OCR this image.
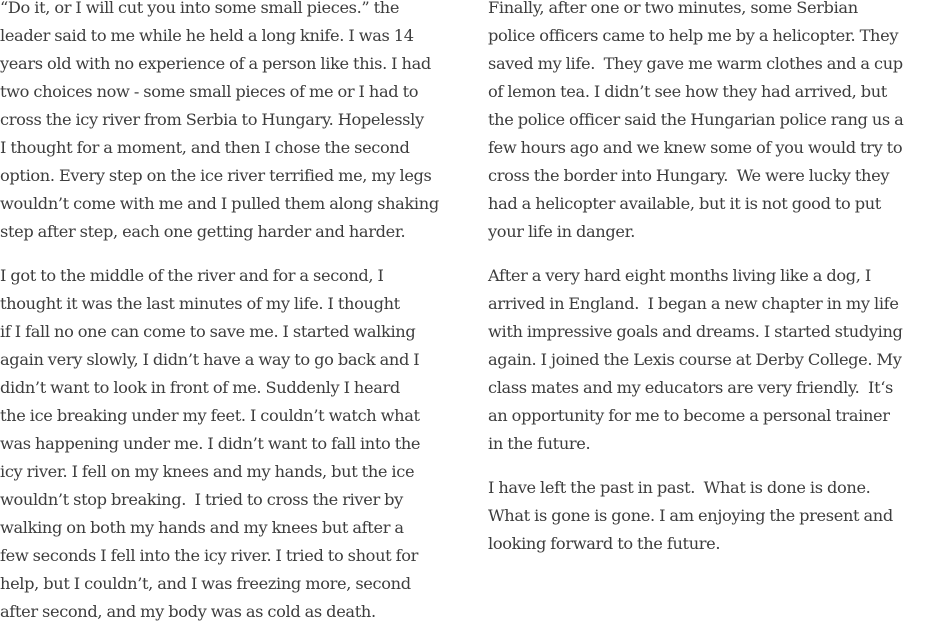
“Do it, or I will cut you into some small pieces.” the
leader said to me while he held a long knife. I was 14
years old with no experience of a person like this. I had
two choices now - some small pieces of me or I had to
cross the icy river from Serbia to Hungary. Hopelessly
I thought for a moment, and then I chose the second
option. Every step on the ice river terrified me, my legs
wouldn’t come with me and I pulled them along shaking
step after step, each one getting harder and harder.

I got to the middle of the river and for a second, I
thought it was the last minutes of my life. I thought
if I fall no one can come to save me. I started walking
again very slowly, I didn’t have a way to go back and I
didn’t want to look in front of me. Suddenly I heard
the ice breaking under my feet. I couldn’t watch what
was happening under me. I didn’t want to fall into the
icy river. I fell on my knees and my hands, but the ice
wouldn’t stop breaking.  I tried to cross the river by
walking on both my hands and my knees but after a
few seconds I fell into the icy river. I tried to shout for
help, but I couldn’t, and I was freezing more, second
after second, and my body was as cold as death.

Finally, after one or two minutes, some Serbian
police officers came to help me by a helicopter. They
saved my life.  They gave me warm clothes and a cup
of lemon tea. I didn’t see how they had arrived, but
the police officer said the Hungarian police rang us a
few hours ago and we knew some of you would try to
cross the border into Hungary.  We were lucky they
had a helicopter available, but it is not good to put
your life in danger.

After a very hard eight months living like a dog, I
arrived in England.  I began a new chapter in my life
with impressive goals and dreams. I started studying
again. I joined the Lexis course at Derby College. My
class mates and my educators are very friendly.  It‘s
an opportunity for me to become a personal trainer
in the future.

I have left the past in past.  What is done is done.
What is gone is gone. I am enjoying the present and
looking forward to the future.
